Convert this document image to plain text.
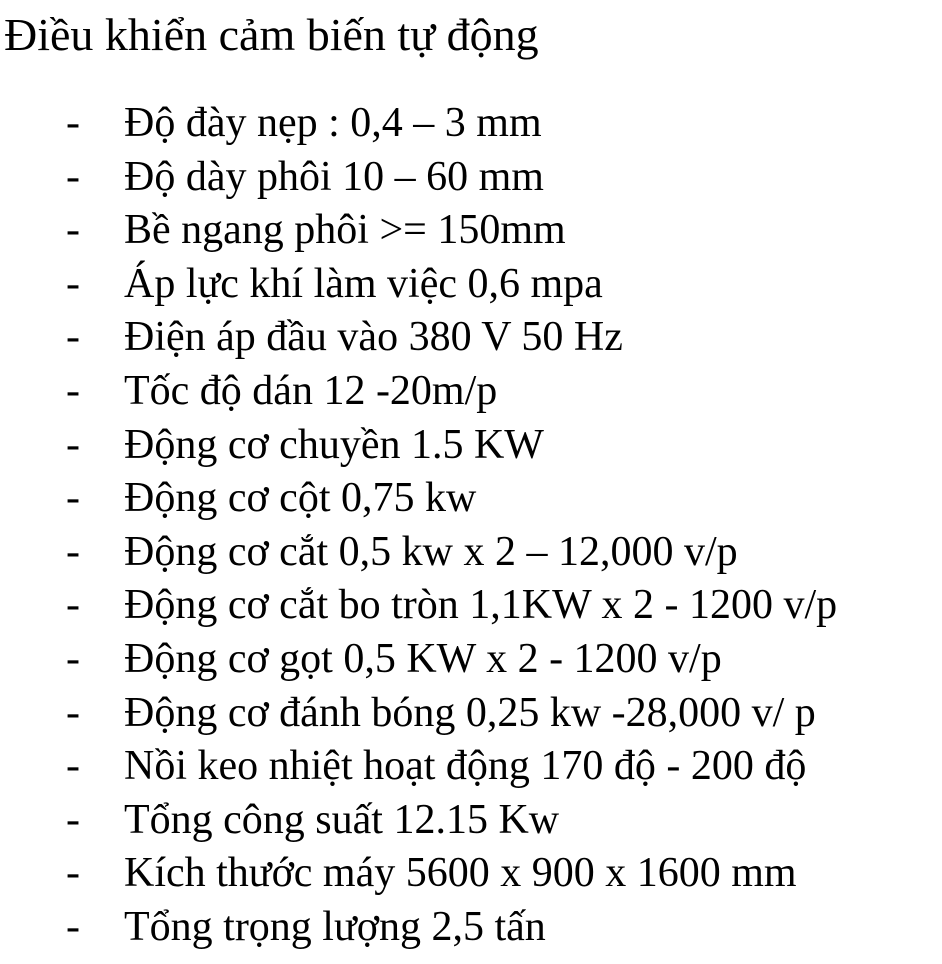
Điều khiển cảm biến tự động
- Độ đày nẹp : 0,4 – 3 mm
- Độ dày phôi 10 – 60 mm
- Bề ngang phôi >= 150mm
- Áp lực khí làm việc 0,6 mpa
- Điện áp đầu vào 380 V 50 Hz
- Tốc độ dán 12 -20m/p
- Động cơ chuyền 1.5 KW
- Động cơ cột 0,75 kw
- Động cơ cắt 0,5 kw x 2 – 12,000 v/p
- Động cơ cắt bo tròn 1,1KW x 2 - 1200 v/p
- Động cơ gọt 0,5 KW x 2 - 1200 v/p
- Động cơ đánh bóng 0,25 kw -28,000 v/ p
- Nồi keo nhiệt hoạt động 170 độ - 200 độ
- Tổng công suất 12.15 Kw
- Kích thước máy 5600 x 900 x 1600 mm
- Tổng trọng lượng 2,5 tấn
